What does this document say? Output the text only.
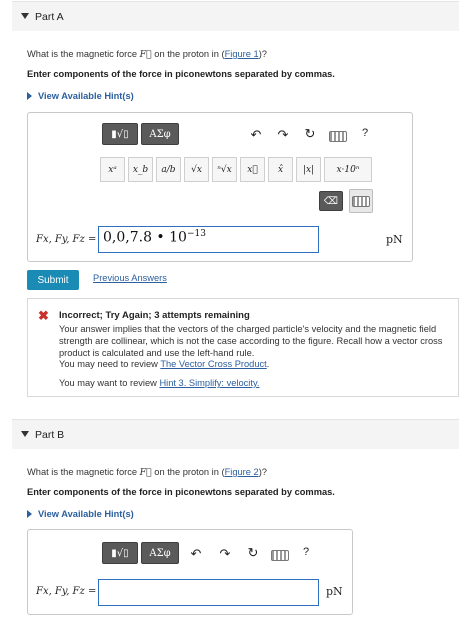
Part A
What is the magnetic force F⃗ on the proton in (Figure 1)?
Enter components of the force in piconewtons separated by commas.
View Available Hint(s)
▮√▯ ΑΣφ	↶ ↷ ↻	?
xᵃ x_b a/b √x ⁿ√x x⃗ x̂ |x| x·10ⁿ
⌫
Fx, Fy, Fz = 0,0,7.8 • $10^{-13}$	pN
Submit	Previous Answers
✖ Incorrect; Try Again; 3 attempts remaining
Your answer implies that the vectors of the charged particle's velocity and the magnetic field strength are collinear, which is not the case according to the figure. Recall how a vector cross product is calculated and use the left-hand rule.
You may need to review The Vector Cross Product.
You may want to review Hint 3. Simplify: velocity.
Part B
What is the magnetic force F⃗ on the proton in (Figure 2)?
Enter components of the force in piconewtons separated by commas.
View Available Hint(s)
▮√▯ ΑΣφ ↶ ↷ ↻	?
Fx, Fy, Fz =	pN
